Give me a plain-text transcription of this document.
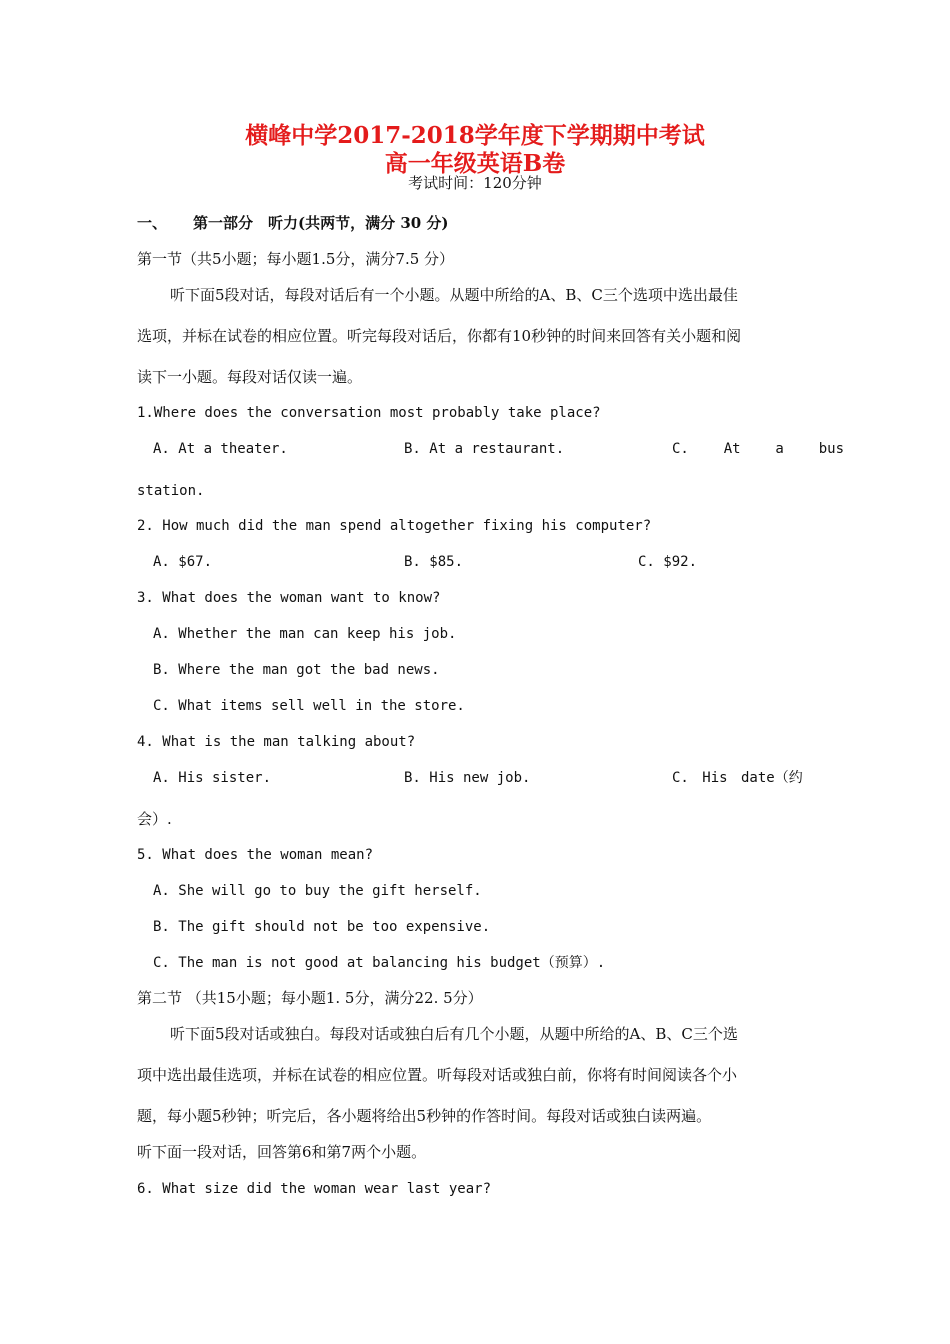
横峰中学2017-2018学年度下学期期中考试
高一年级英语B卷
考试时间：120分钟
一、 第一部分　听力(共两节，满分 30 分)
第一节（共5小题；每小题1.5分，满分7.5 分）
听下面5段对话，每段对话后有一个小题。从题中所给的A、B、C三个选项中选出最佳
选项，并标在试卷的相应位置。听完每段对话后，你都有10秒钟的时间来回答有关小题和阅
读下一小题。每段对话仅读一遍。
1.Where does the conversation most probably take place?
A. At a theater.	B. At a restaurant.	C.  At  a  bus
station.
2. How much did the man spend altogether fixing his computer?
A. $67.	B. $85.	C. $92.
3. What does the woman want to know?
A. Whether the man can keep his job.
B. Where the man got the bad news.
C. What items sell well in the store.
4. What is the man talking about?
A. His sister.	B. His new job.	C. His date（约
会）.
5. What does the woman mean?
A. She will go to buy the gift herself.
B. The gift should not be too expensive.
C. The man is not good at balancing his budget（预算）.
第二节 （共15小题；每小题1. 5分，满分22. 5分）
听下面5段对话或独白。每段对话或独白后有几个小题，从题中所给的A、B、C三个选
项中选出最佳选项，并标在试卷的相应位置。听每段对话或独白前，你将有时间阅读各个小
题，每小题5秒钟；听完后，各小题将给出5秒钟的作答时间。每段对话或独白读两遍。
听下面一段对话，回答第6和第7两个小题。
6. What size did the woman wear last year?
